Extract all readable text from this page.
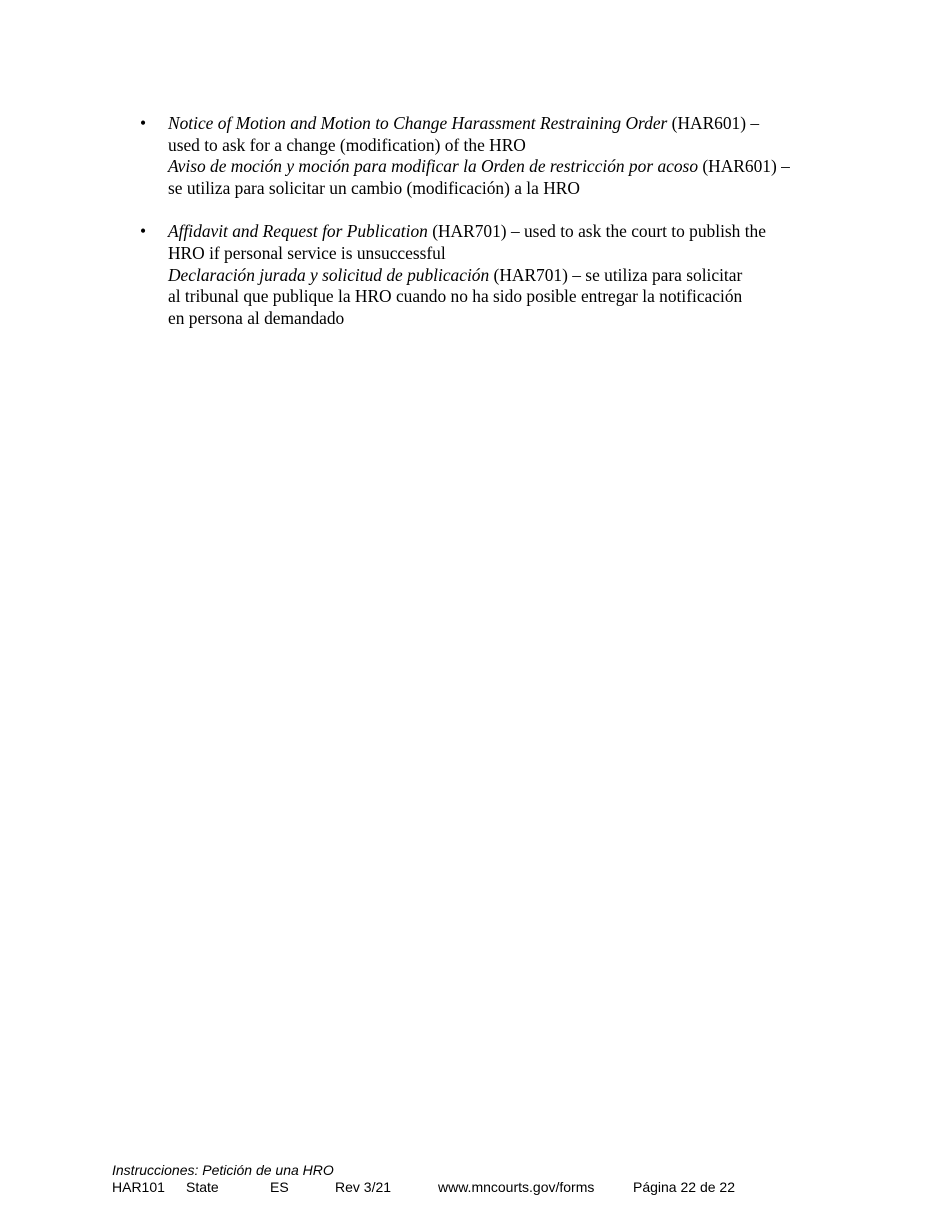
• Notice of Motion and Motion to Change Harassment Restraining Order (HAR601) –
used to ask for a change (modification) of the HRO
Aviso de moción y moción para modificar la Orden de restricción por acoso (HAR601) –
se utiliza para solicitar un cambio (modificación) a la HRO
• Affidavit and Request for Publication (HAR701) – used to ask the court to publish the
HRO if personal service is unsuccessful
Declaración jurada y solicitud de publicación (HAR701) – se utiliza para solicitar
al tribunal que publique la HRO cuando no ha sido posible entregar la notificación
en persona al demandado
Instrucciones: Petición de una HRO
HAR101 State	ES	Rev 3/21	www.mncourts.gov/forms	Página 22 de 22
